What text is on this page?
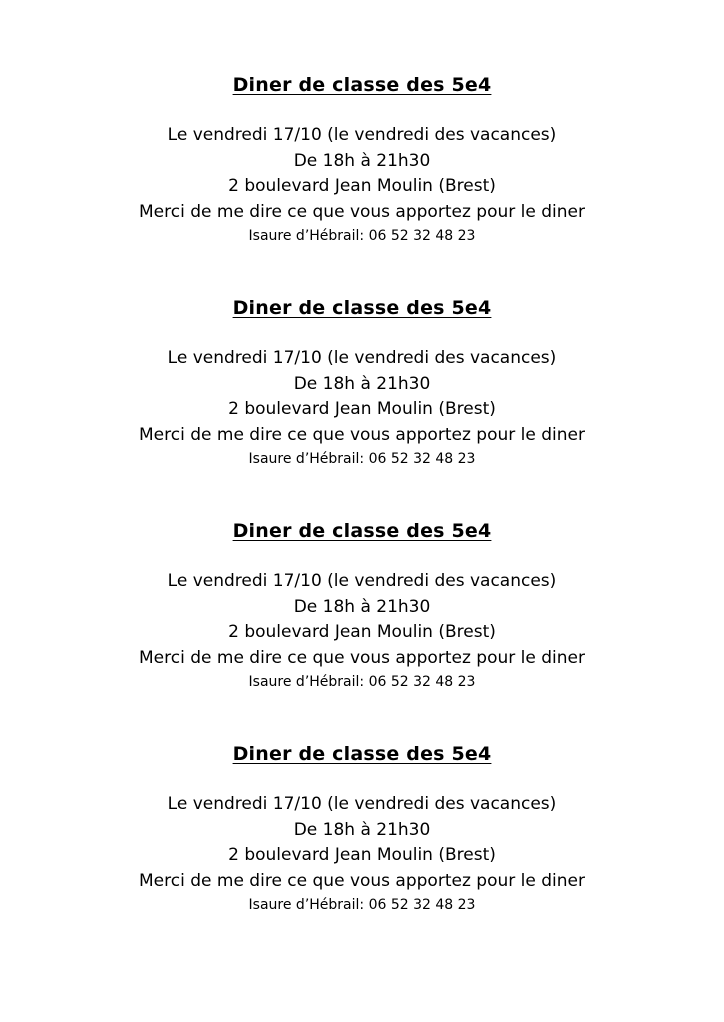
Diner de classe des 5e4
Le vendredi 17/10 (le vendredi des vacances)
De 18h à 21h30
2 boulevard Jean Moulin (Brest)
Merci de me dire ce que vous apportez pour le diner
Isaure d’Hébrail: 06 52 32 48 23
Diner de classe des 5e4
Le vendredi 17/10 (le vendredi des vacances)
De 18h à 21h30
2 boulevard Jean Moulin (Brest)
Merci de me dire ce que vous apportez pour le diner
Isaure d’Hébrail: 06 52 32 48 23
Diner de classe des 5e4
Le vendredi 17/10 (le vendredi des vacances)
De 18h à 21h30
2 boulevard Jean Moulin (Brest)
Merci de me dire ce que vous apportez pour le diner
Isaure d’Hébrail: 06 52 32 48 23
Diner de classe des 5e4
Le vendredi 17/10 (le vendredi des vacances)
De 18h à 21h30
2 boulevard Jean Moulin (Brest)
Merci de me dire ce que vous apportez pour le diner
Isaure d’Hébrail: 06 52 32 48 23
